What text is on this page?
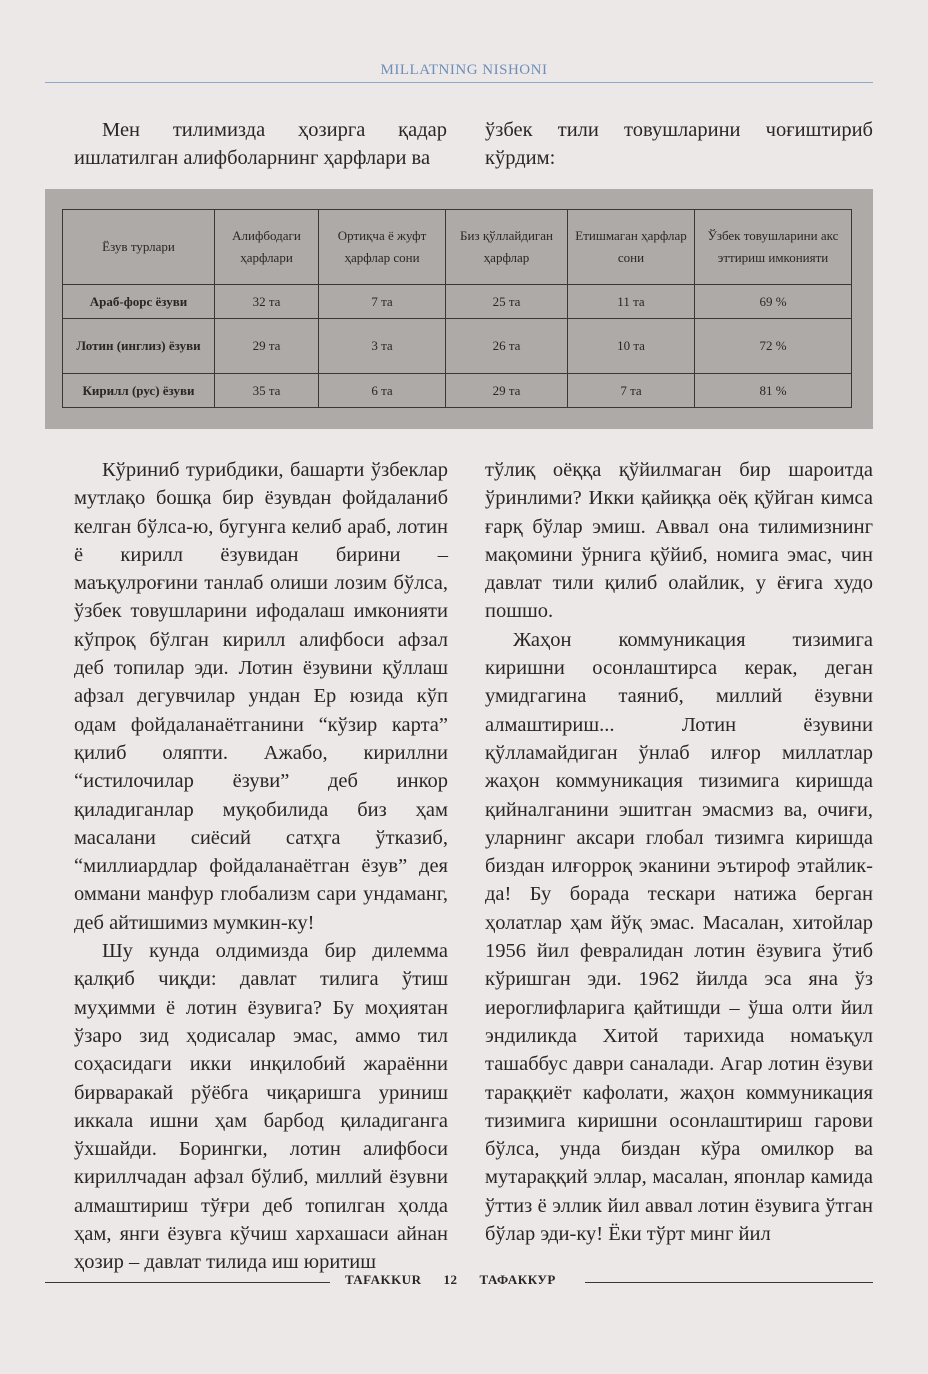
MILLATNING NISHONI

Мен тилимизда ҳозирга қадар ишлатилган алифболарнинг ҳарфлари ва

ўзбек тили товушларини чоғиштириб кўрдим:

Ёзув турлари	Алифбодаги ҳарфлари	Ортиқча ё жуфт ҳарфлар сони	Биз қўллайдиган ҳарфлар	Етишмаган ҳарфлар сони	Ўзбек товушларини акс эттириш имконияти
Араб-форс ёзуви	32 та	7 та	25 та	11 та	69 %
Лотин (инглиз) ёзуви	29 та	3 та	26 та	10 та	72 %
Кирилл (рус) ёзуви	35 та	6 та	29 та	7 та	81 %

Кўриниб турибдики, башарти ўзбеклар мутлақо бошқа бир ёзувдан фойдаланиб келган бўлса-ю, бугунга келиб араб, лотин ё кирилл ёзувидан бирини – маъқулроғини танлаб олиши лозим бўлса, ўзбек товушларини ифодалаш имконияти кўпроқ бўлган кирилл алифбоси афзал деб топилар эди. Лотин ёзувини қўллаш афзал дегувчилар ундан Ер юзида кўп одам фойдаланаётганини “кўзир карта” қилиб оляпти. Ажабо, кириллни “истилочилар ёзуви” деб инкор қиладиганлар муқобилида биз ҳам масалани сиёсий сатҳга ўтказиб, “миллиардлар фойдаланаётган ёзув” дея оммани манфур глобализм сари ундаманг, деб айтишимиз мумкин-ку!

Шу кунда олдимизда бир дилемма қалқиб чиқди: давлат тилига ўтиш муҳимми ё лотин ёзувига? Бу моҳиятан ўзаро зид ҳодисалар эмас, аммо тил соҳасидаги икки инқилобий жараённи бирваракай рўёбга чиқаришга уриниш иккала ишни ҳам барбод қиладиганга ўхшайди. Борингки, лотин алифбоси кириллчадан афзал бўлиб, миллий ёзувни алмаштириш тўғри деб топилган ҳолда ҳам, янги ёзувга кўчиш хархашаси айнан ҳозир – давлат тилида иш юритиш

тўлиқ оёққа қўйилмаган бир шароитда ўринлими? Икки қайиққа оёқ қўйган кимса ғарқ бўлар эмиш. Аввал она тилимизнинг мақомини ўрнига қўйиб, номига эмас, чин давлат тили қилиб олайлик, у ёғига худо пошшо.

Жаҳон коммуникация тизимига киришни осонлаштирса керак, деган умидгагина таяниб, миллий ёзувни алмаштириш... Лотин ёзувини қўлламайдиган ўнлаб илғор миллатлар жаҳон коммуникация тизимига киришда қийналганини эшитган эмасмиз ва, очиғи, уларнинг аксари глобал тизимга киришда биздан илғорроқ эканини эътироф этайлик-да! Бу борада тескари натижа берган ҳолатлар ҳам йўқ эмас. Масалан, хитойлар 1956 йил февралидан лотин ёзувига ўтиб кўришган эди. 1962 йилда эса яна ўз иероглифларига қайтишди – ўша олти йил эндиликда Хитой тарихида номаъқул ташаббус даври саналади. Агар лотин ёзуви тараққиёт кафолати, жаҳон коммуникация тизимига киришни осонлаштириш гарови бўлса, унда биздан кўра омилкор ва мутараққий эллар, масалан, японлар камида ўттиз ё эллик йил аввал лотин ёзувига ўтган бўлар эди-ку! Ёки тўрт минг йил

TAFAKKUR 12 ТАФАККУР
